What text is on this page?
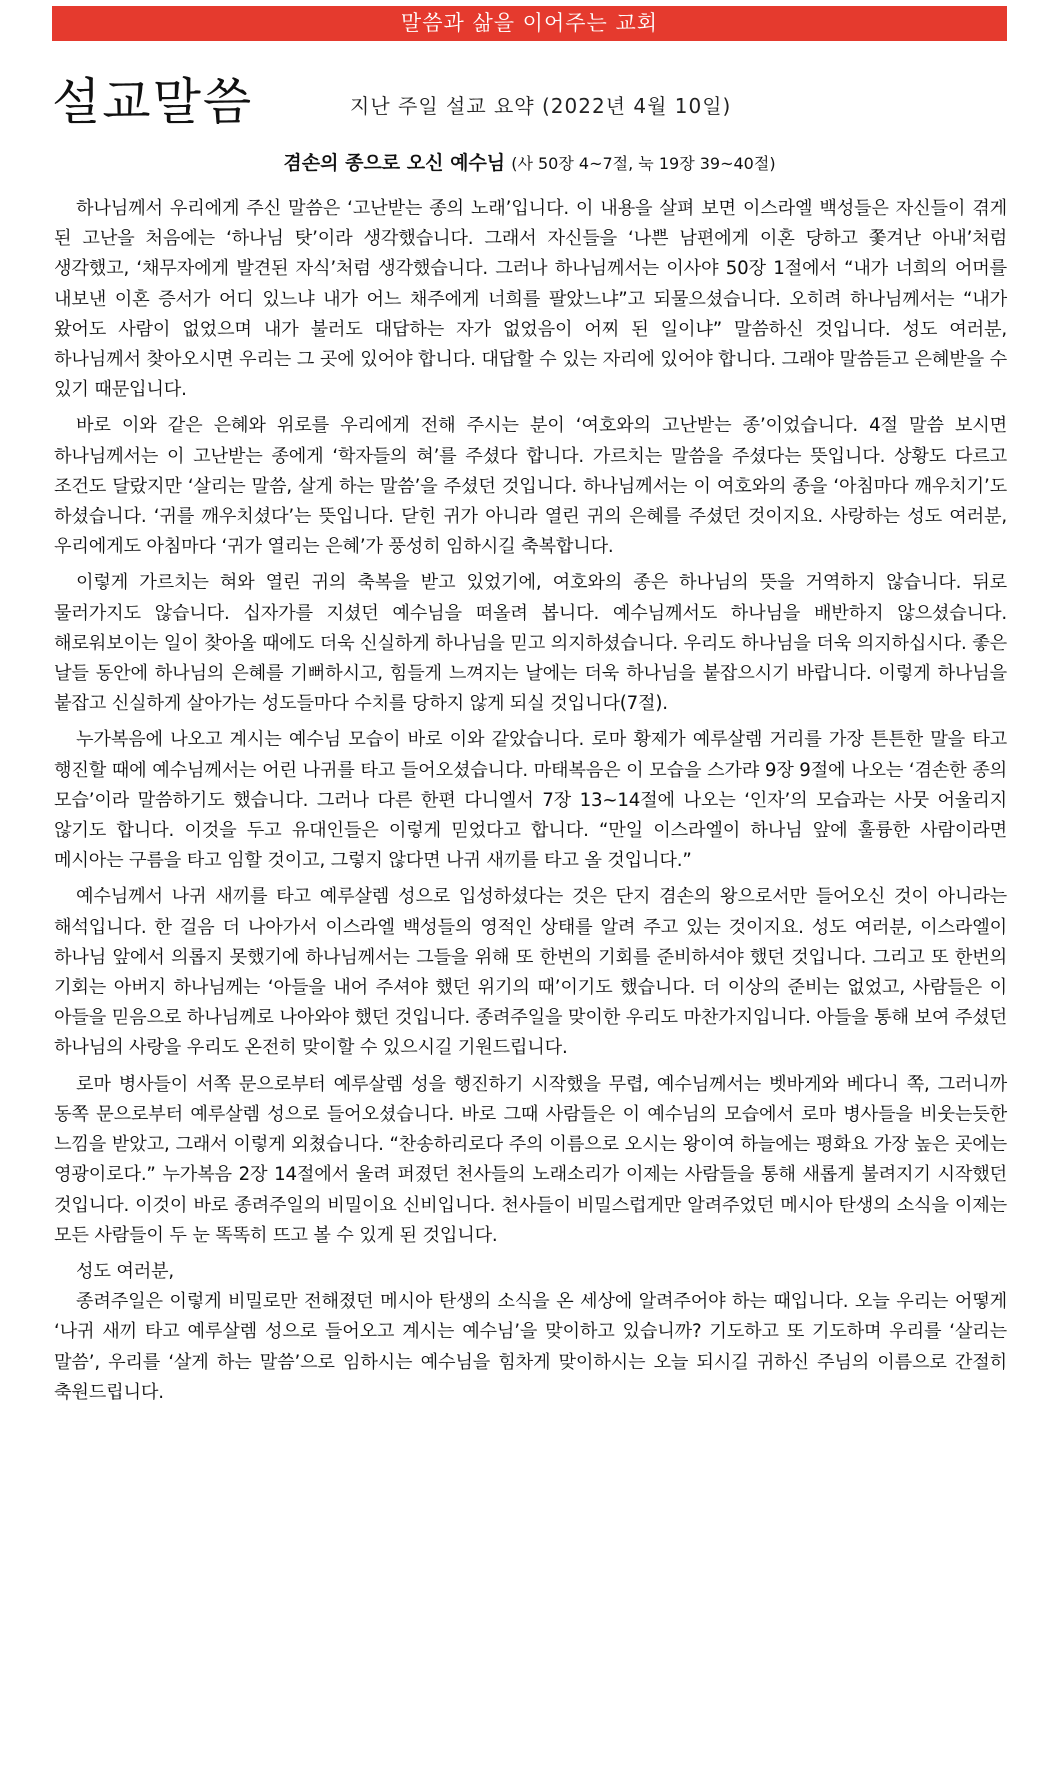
말씀과 삶을 이어주는 교회
설교말씀	지난 주일 설교 요약 (2022년 4월 10일)
겸손의 종으로 오신 예수님 (사 50장 4~7절, 눅 19장 39~40절)

하나님께서 우리에게 주신 말씀은 ‘고난받는 종의 노래’입니다. 이 내용을 살펴 보면 이스라엘 백성들은 자신들이 겪게 된 고난을 처음에는 ‘하나님 탓’이라 생각했습니다. 그래서 자신들을 ‘나쁜 남편에게 이혼 당하고 쫓겨난 아내’처럼 생각했고, ‘채무자에게 발견된 자식’처럼 생각했습니다. 그러나 하나님께서는 이사야 50장 1절에서 “내가 너희의 어머를 내보낸 이혼 증서가 어디 있느냐 내가 어느 채주에게 너희를 팔았느냐”고 되물으셨습니다. 오히려 하나님께서는 “내가 왔어도 사람이 없었으며 내가 불러도 대답하는 자가 없었음이 어찌 된 일이냐” 말씀하신 것입니다. 성도 여러분, 하나님께서 찾아오시면 우리는 그 곳에 있어야 합니다. 대답할 수 있는 자리에 있어야 합니다. 그래야 말씀듣고 은혜받을 수 있기 때문입니다.

바로 이와 같은 은혜와 위로를 우리에게 전해 주시는 분이 ‘여호와의 고난받는 종’이었습니다. 4절 말씀 보시면 하나님께서는 이 고난받는 종에게 ‘학자들의 혀’를 주셨다 합니다. 가르치는 말씀을 주셨다는 뜻입니다. 상황도 다르고 조건도 달랐지만 ‘살리는 말씀, 살게 하는 말씀’을 주셨던 것입니다. 하나님께서는 이 여호와의 종을 ‘아침마다 깨우치기’도 하셨습니다. ‘귀를 깨우치셨다’는 뜻입니다. 닫힌 귀가 아니라 열린 귀의 은혜를 주셨던 것이지요. 사랑하는 성도 여러분, 우리에게도 아침마다 ‘귀가 열리는 은혜’가 풍성히 임하시길 축복합니다.

이렇게 가르치는 혀와 열린 귀의 축복을 받고 있었기에, 여호와의 종은 하나님의 뜻을 거역하지 않습니다. 뒤로 물러가지도 않습니다. 십자가를 지셨던 예수님을 떠올려 봅니다. 예수님께서도 하나님을 배반하지 않으셨습니다. 해로워보이는 일이 찾아올 때에도 더욱 신실하게 하나님을 믿고 의지하셨습니다. 우리도 하나님을 더욱 의지하십시다. 좋은 날들 동안에 하나님의 은혜를 기뻐하시고, 힘들게 느껴지는 날에는 더욱 하나님을 붙잡으시기 바랍니다. 이렇게 하나님을 붙잡고 신실하게 살아가는 성도들마다 수치를 당하지 않게 되실 것입니다(7절).

누가복음에 나오고 계시는 예수님 모습이 바로 이와 같았습니다. 로마 황제가 예루살렘 거리를 가장 튼튼한 말을 타고 행진할 때에 예수님께서는 어린 나귀를 타고 들어오셨습니다. 마태복음은 이 모습을 스가랴 9장 9절에 나오는 ‘겸손한 종의 모습’이라 말씀하기도 했습니다. 그러나 다른 한편 다니엘서 7장 13~14절에 나오는 ‘인자’의 모습과는 사뭇 어울리지 않기도 합니다. 이것을 두고 유대인들은 이렇게 믿었다고 합니다. “만일 이스라엘이 하나님 앞에 훌륭한 사람이라면 메시아는 구름을 타고 임할 것이고, 그렇지 않다면 나귀 새끼를 타고 올 것입니다.”

예수님께서 나귀 새끼를 타고 예루살렘 성으로 입성하셨다는 것은 단지 겸손의 왕으로서만 들어오신 것이 아니라는 해석입니다. 한 걸음 더 나아가서 이스라엘 백성들의 영적인 상태를 알려 주고 있는 것이지요. 성도 여러분, 이스라엘이 하나님 앞에서 의롭지 못했기에 하나님께서는 그들을 위해 또 한번의 기회를 준비하셔야 했던 것입니다. 그리고 또 한번의 기회는 아버지 하나님께는 ‘아들을 내어 주셔야 했던 위기의 때’이기도 했습니다. 더 이상의 준비는 없었고, 사람들은 이 아들을 믿음으로 하나님께로 나아와야 했던 것입니다. 종려주일을 맞이한 우리도 마찬가지입니다. 아들을 통해 보여 주셨던 하나님의 사랑을 우리도 온전히 맞이할 수 있으시길 기원드립니다.

로마 병사들이 서쪽 문으로부터 예루살렘 성을 행진하기 시작했을 무렵, 예수님께서는 벳바게와 베다니 쪽, 그러니까 동쪽 문으로부터 예루살렘 성으로 들어오셨습니다. 바로 그때 사람들은 이 예수님의 모습에서 로마 병사들을 비웃는듯한 느낌을 받았고, 그래서 이렇게 외쳤습니다. “찬송하리로다 주의 이름으로 오시는 왕이여 하늘에는 평화요 가장 높은 곳에는 영광이로다.” 누가복음 2장 14절에서 울려 퍼졌던 천사들의 노래소리가 이제는 사람들을 통해 새롭게 불려지기 시작했던 것입니다. 이것이 바로 종려주일의 비밀이요 신비입니다. 천사들이 비밀스럽게만 알려주었던 메시아 탄생의 소식을 이제는 모든 사람들이 두 눈 똑똑히 뜨고 볼 수 있게 된 것입니다.

성도 여러분,

종려주일은 이렇게 비밀로만 전해졌던 메시아 탄생의 소식을 온 세상에 알려주어야 하는 때입니다. 오늘 우리는 어떻게 ‘나귀 새끼 타고 예루살렘 성으로 들어오고 계시는 예수님’을 맞이하고 있습니까? 기도하고 또 기도하며 우리를 ‘살리는 말씀’, 우리를 ‘살게 하는 말씀’으로 임하시는 예수님을 힘차게 맞이하시는 오늘 되시길 귀하신 주님의 이름으로 간절히 축원드립니다.
